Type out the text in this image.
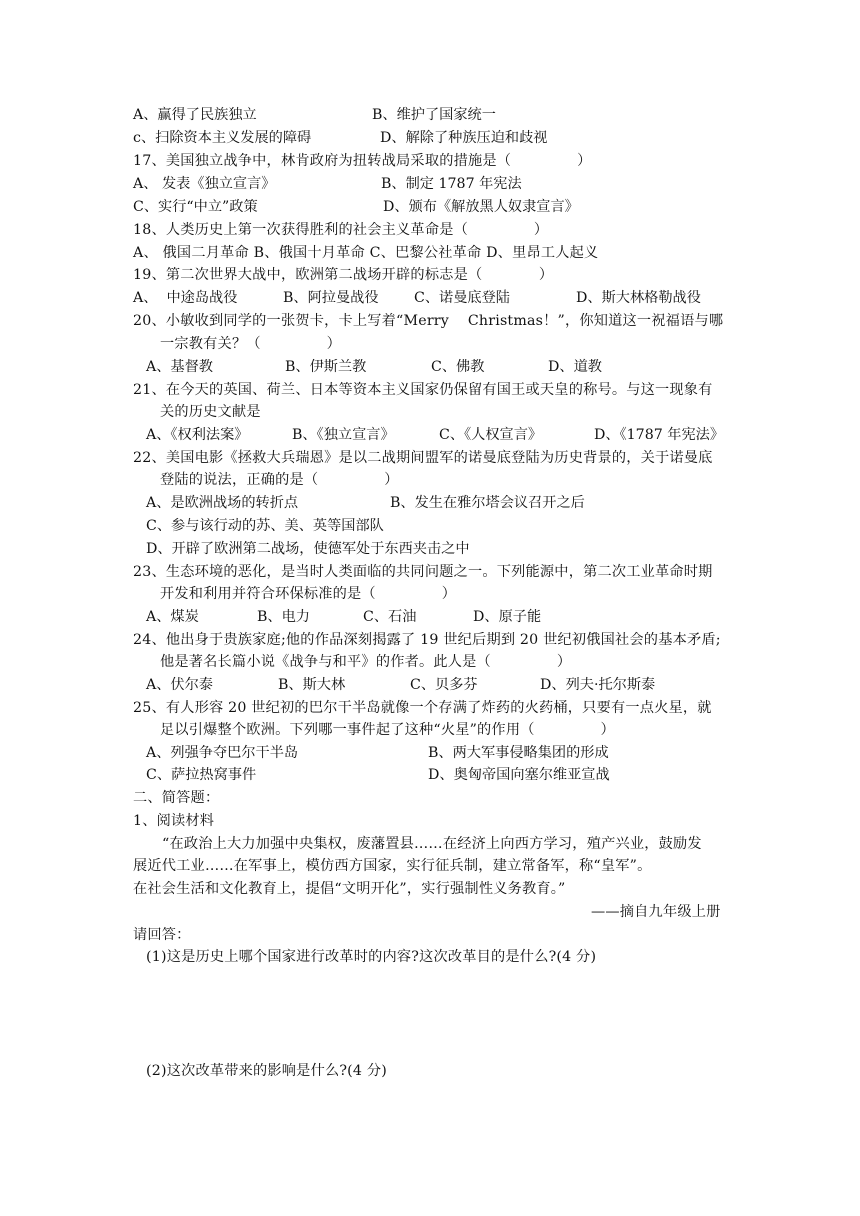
A、赢得了民族独立	B、维护了国家统一
c、扫除资本主义发展的障碍	D、解除了种族压迫和歧视
17、美国独立战争中，林肯政府为扭转战局采取的措施是（              ）
A、 发表《独立宣言》	B、制定 1787 年宪法
C、实行“中立”政策	D、颁布《解放黑人奴隶宣言》
18、人类历史上第一次获得胜利的社会主义革命是（              ）
A、 俄国二月革命 B、俄国十月革命 C、巴黎公社革命 D、里昂工人起义
19、第二次世界大战中，欧洲第二战场开辟的标志是（            ）
A、  中途岛战役	B、阿拉曼战役 C、诺曼底登陆	D、斯大林格勒战役
20、小敏收到同学的一张贺卡，卡上写着“Merry    Christmas！”，你知道这一祝福语与哪
一宗教有关？（              ）
A、基督教	B、伊斯兰教	C、佛教	D、道教
21、在今天的英国、荷兰、日本等资本主义国家仍保留有国王或天皇的称号。与这一现象有
关的历史文献是
A、《权利法案》	B、《独立宣言》	C、《人权宣言》	D、《1787 年宪法》
22、美国电影《拯救大兵瑞恩》是以二战期间盟军的诺曼底登陆为历史背景的，关于诺曼底
登陆的说法，正确的是（              ）
A、是欧洲战场的转折点	B、发生在雅尔塔会议召开之后
C、参与该行动的苏、美、英等国部队
D、开辟了欧洲第二战场，使德军处于东西夹击之中
23、生态环境的恶化，是当时人类面临的共同问题之一。下列能源中，第二次工业革命时期
开发和利用并符合环保标准的是（              ）
A、煤炭	B、电力	C、石油	D、原子能
24、他出身于贵族家庭;他的作品深刻揭露了 19 世纪后期到 20 世纪初俄国社会的基本矛盾;
他是著名长篇小说《战争与和平》的作者。此人是（              ）
A、伏尔泰	B、斯大林	C、贝多芬	D、列夫·托尔斯泰
25、有人形容 20 世纪初的巴尔干半岛就像一个存满了炸药的火药桶，只要有一点火星，就
足以引爆整个欧洲。下列哪一事件起了这种“火星”的作用（              ）
A、列强争夺巴尔干半岛	B、两大军事侵略集团的形成
C、萨拉热窝事件	D、奥匈帝国向塞尔维亚宣战
二、简答题：
1、阅读材料
“在政治上大力加强中央集权，废藩置县……在经济上向西方学习，殖产兴业，鼓励发
展近代工业……在军事上，模仿西方国家，实行征兵制，建立常备军，称“皇军”。
在社会生活和文化教育上，提倡“文明开化”，实行强制性义务教育。”
——摘自九年级上册
请回答：
(1)这是历史上哪个国家进行改革时的内容?这次改革目的是什么?(4 分)
(2)这次改革带来的影响是什么?(4 分)
